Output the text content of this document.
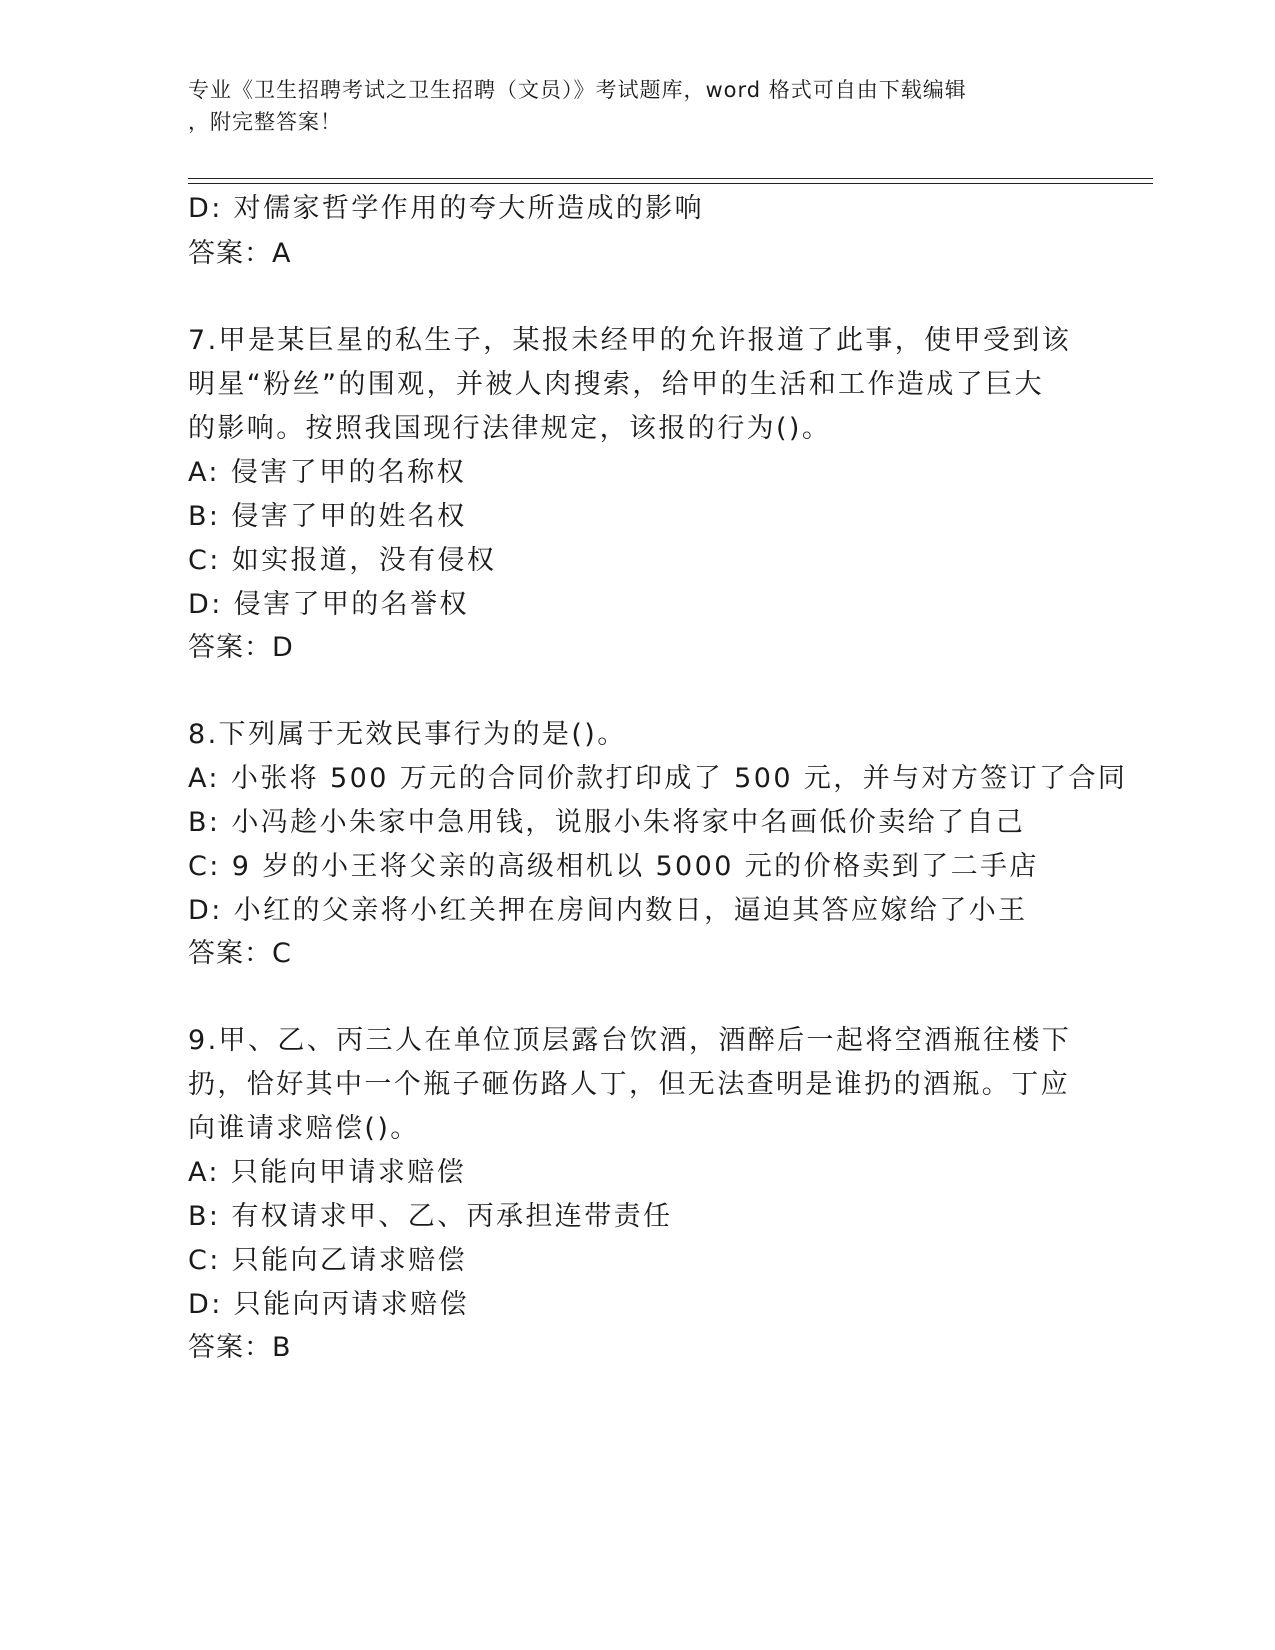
专业《卫生招聘考试之卫生招聘（文员）》考试题库，word 格式可自由下载编辑
，附完整答案！
D: 对儒家哲学作用的夸大所造成的影响
答案：A
7.甲是某巨星的私生子，某报未经甲的允许报道了此事，使甲受到该
明星“粉丝”的围观，并被人肉搜索，给甲的生活和工作造成了巨大
的影响。按照我国现行法律规定，该报的行为()。
A: 侵害了甲的名称权
B: 侵害了甲的姓名权
C: 如实报道，没有侵权
D: 侵害了甲的名誉权
答案：D
8.下列属于无效民事行为的是()。
A: 小张将 500 万元的合同价款打印成了 500 元，并与对方签订了合同
B: 小冯趁小朱家中急用钱，说服小朱将家中名画低价卖给了自己
C: 9 岁的小王将父亲的高级相机以 5000 元的价格卖到了二手店
D: 小红的父亲将小红关押在房间内数日，逼迫其答应嫁给了小王
答案：C
9.甲、乙、丙三人在单位顶层露台饮酒，酒醉后一起将空酒瓶往楼下
扔，恰好其中一个瓶子砸伤路人丁，但无法查明是谁扔的酒瓶。丁应
向谁请求赔偿()。
A: 只能向甲请求赔偿
B: 有权请求甲、乙、丙承担连带责任
C: 只能向乙请求赔偿
D: 只能向丙请求赔偿
答案：B
